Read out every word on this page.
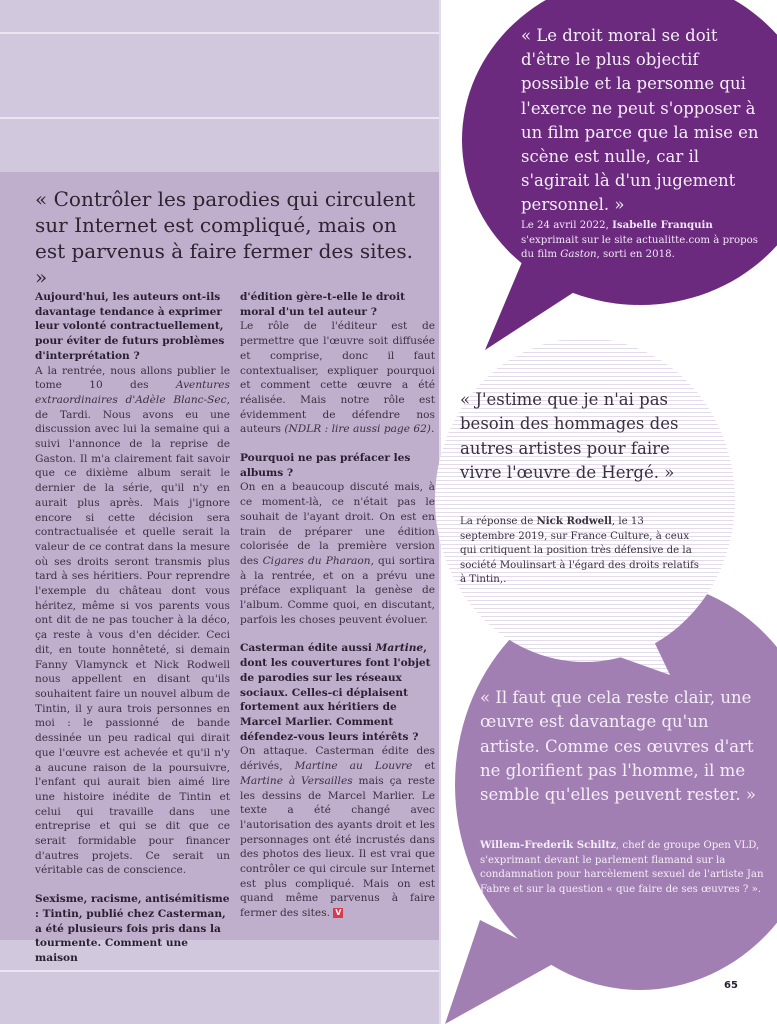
« Contrôler les parodies qui circulent sur Internet est compliqué, mais on est parvenus à faire fermer des sites. »

Aujourd'hui, les auteurs ont-ils davantage tendance à exprimer leur volonté contractuellement, pour éviter de futurs problèmes d'interprétation ?

A la rentrée, nous allons publier le tome 10 des Aventures extraordinaires d'Adèle Blanc-Sec, de Tardi. Nous avons eu une discussion avec lui la semaine qui a suivi l'annonce de la reprise de Gaston. Il m'a clairement fait savoir que ce dixième album serait le dernier de la série, qu'il n'y en aurait plus après. Mais j'ignore encore si cette décision sera contractualisée et quelle serait la valeur de ce contrat dans la mesure où ses droits seront transmis plus tard à ses héritiers. Pour reprendre l'exemple du château dont vous héritez, même si vos parents vous ont dit de ne pas toucher à la déco, ça reste à vous d'en décider. Ceci dit, en toute honnêteté, si demain Fanny Vlamynck et Nick Rodwell nous appellent en disant qu'ils souhaitent faire un nouvel album de Tintin, il y aura trois personnes en moi : le passionné de bande dessinée un peu radical qui dirait que l'œuvre est achevée et qu'il n'y a aucune raison de la poursuivre, l'enfant qui aurait bien aimé lire une histoire inédite de Tintin et celui qui travaille dans une entreprise et qui se dit que ce serait formidable pour financer d'autres projets. Ce serait un véritable cas de conscience.

Sexisme, racisme, antisémitisme : Tintin, publié chez Casterman, a été plusieurs fois pris dans la tourmente. Comment une maison

d'édition gère-t-elle le droit moral d'un tel auteur ?

Le rôle de l'éditeur est de permettre que l'œuvre soit diffusée et comprise, donc il faut contextualiser, expliquer pourquoi et comment cette œuvre a été réalisée. Mais notre rôle est évidemment de défendre nos auteurs (NDLR : lire aussi page 62).

Pourquoi ne pas préfacer les albums ?

On en a beaucoup discuté mais, à ce moment-là, ce n'était pas le souhait de l'ayant droit. On est en train de préparer une édition colorisée de la première version des Cigares du Pharaon, qui sortira à la rentrée, et on a prévu une préface expliquant la genèse de l'album. Comme quoi, en discutant, parfois les choses peuvent évoluer.

Casterman édite aussi Martine, dont les couvertures font l'objet de parodies sur les réseaux sociaux. Celles-ci déplaisent fortement aux héritiers de Marcel Marlier. Comment défendez-vous leurs intérêts ?

On attaque. Casterman édite des dérivés, Martine au Louvre et Martine à Versailles mais ça reste les dessins de Marcel Marlier. Le texte a été changé avec l'autorisation des ayants droit et les personnages ont été incrustés dans des photos des lieux. Il est vrai que contrôler ce qui circule sur Internet est plus compliqué. Mais on est quand même parvenus à faire fermer des sites. V

« Le droit moral se doit d'être le plus objectif possible et la personne qui l'exerce ne peut s'opposer à un film parce que la mise en scène est nulle, car il s'agirait là d'un jugement personnel. »

Le 24 avril 2022, Isabelle Franquin s'exprimait sur le site actualitte.com à propos du film Gaston, sorti en 2018.

« J'estime que je n'ai pas besoin des hommages des autres artistes pour faire vivre l'œuvre de Hergé. »

La réponse de Nick Rodwell, le 13 septembre 2019, sur France Culture, à ceux qui critiquent la position très défensive de la société Moulinsart à l'égard des droits relatifs à Tintin,.

« Il faut que cela reste clair, une œuvre est davantage qu'un artiste. Comme ces œuvres d'art ne glorifient pas l'homme, il me semble qu'elles peuvent rester. »

Willem-Frederik Schiltz, chef de groupe Open VLD, s'exprimant devant le parlement flamand sur la condamnation pour harcèlement sexuel de l'artiste Jan Fabre et sur la question « que faire de ses œuvres ? ».

65
